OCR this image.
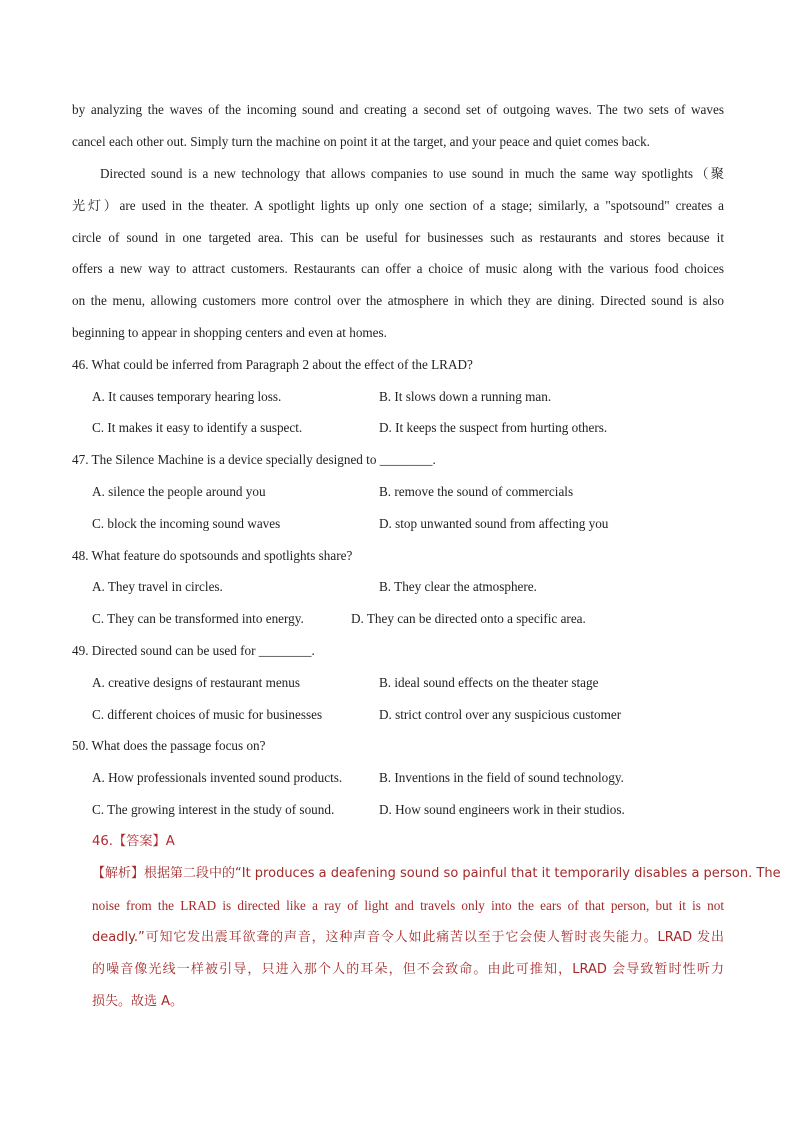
by analyzing the waves of the incoming sound and creating a second set of outgoing waves. The two sets of waves
cancel each other out. Simply turn the machine on point it at the target, and your peace and quiet comes back.
Directed sound is a new technology that allows companies to use sound in much the same way spotlights（聚
光灯）are used in the theater. A spotlight lights up only one section of a stage; similarly, a "spotsound" creates a
circle of sound in one targeted area. This can be useful for businesses such as restaurants and stores because it
offers a new way to attract customers. Restaurants can offer a choice of music along with the various food choices
on the menu, allowing customers more control over the atmosphere in which they are dining. Directed sound is also
beginning to appear in shopping centers and even at homes.
46. What could be inferred from Paragraph 2 about the effect of the LRAD?
A. It causes temporary hearing loss.	B. It slows down a running man.
C. It makes it easy to identify a suspect.	D. It keeps the suspect from hurting others.
47. The Silence Machine is a device specially designed to ________.
A. silence the people around you	B. remove the sound of commercials
C. block the incoming sound waves	D. stop unwanted sound from affecting you
48. What feature do spotsounds and spotlights share?
A. They travel in circles.	B. They clear the atmosphere.
C. They can be transformed into energy.	D. They can be directed onto a specific area.
49. Directed sound can be used for ________.
A. creative designs of restaurant menus	B. ideal sound effects on the theater stage
C. different choices of music for businesses	D. strict control over any suspicious customer
50. What does the passage focus on?
A. How professionals invented sound products.	B. Inventions in the field of sound technology.
C. The growing interest in the study of sound.	D. How sound engineers work in their studios.
46.【答案】A
【解析】根据第二段中的“It produces a deafening sound so painful that it temporarily disables a person. The
noise from the LRAD is directed like a ray of light and travels only into the ears of that person, but it is not
deadly.”可知它发出震耳欲聋的声音，这种声音令人如此痛苦以至于它会使人暂时丧失能力。LRAD 发出
的噪音像光线一样被引导，只进入那个人的耳朵，但不会致命。由此可推知，LRAD 会导致暂时性听力
损失。故选 A。
